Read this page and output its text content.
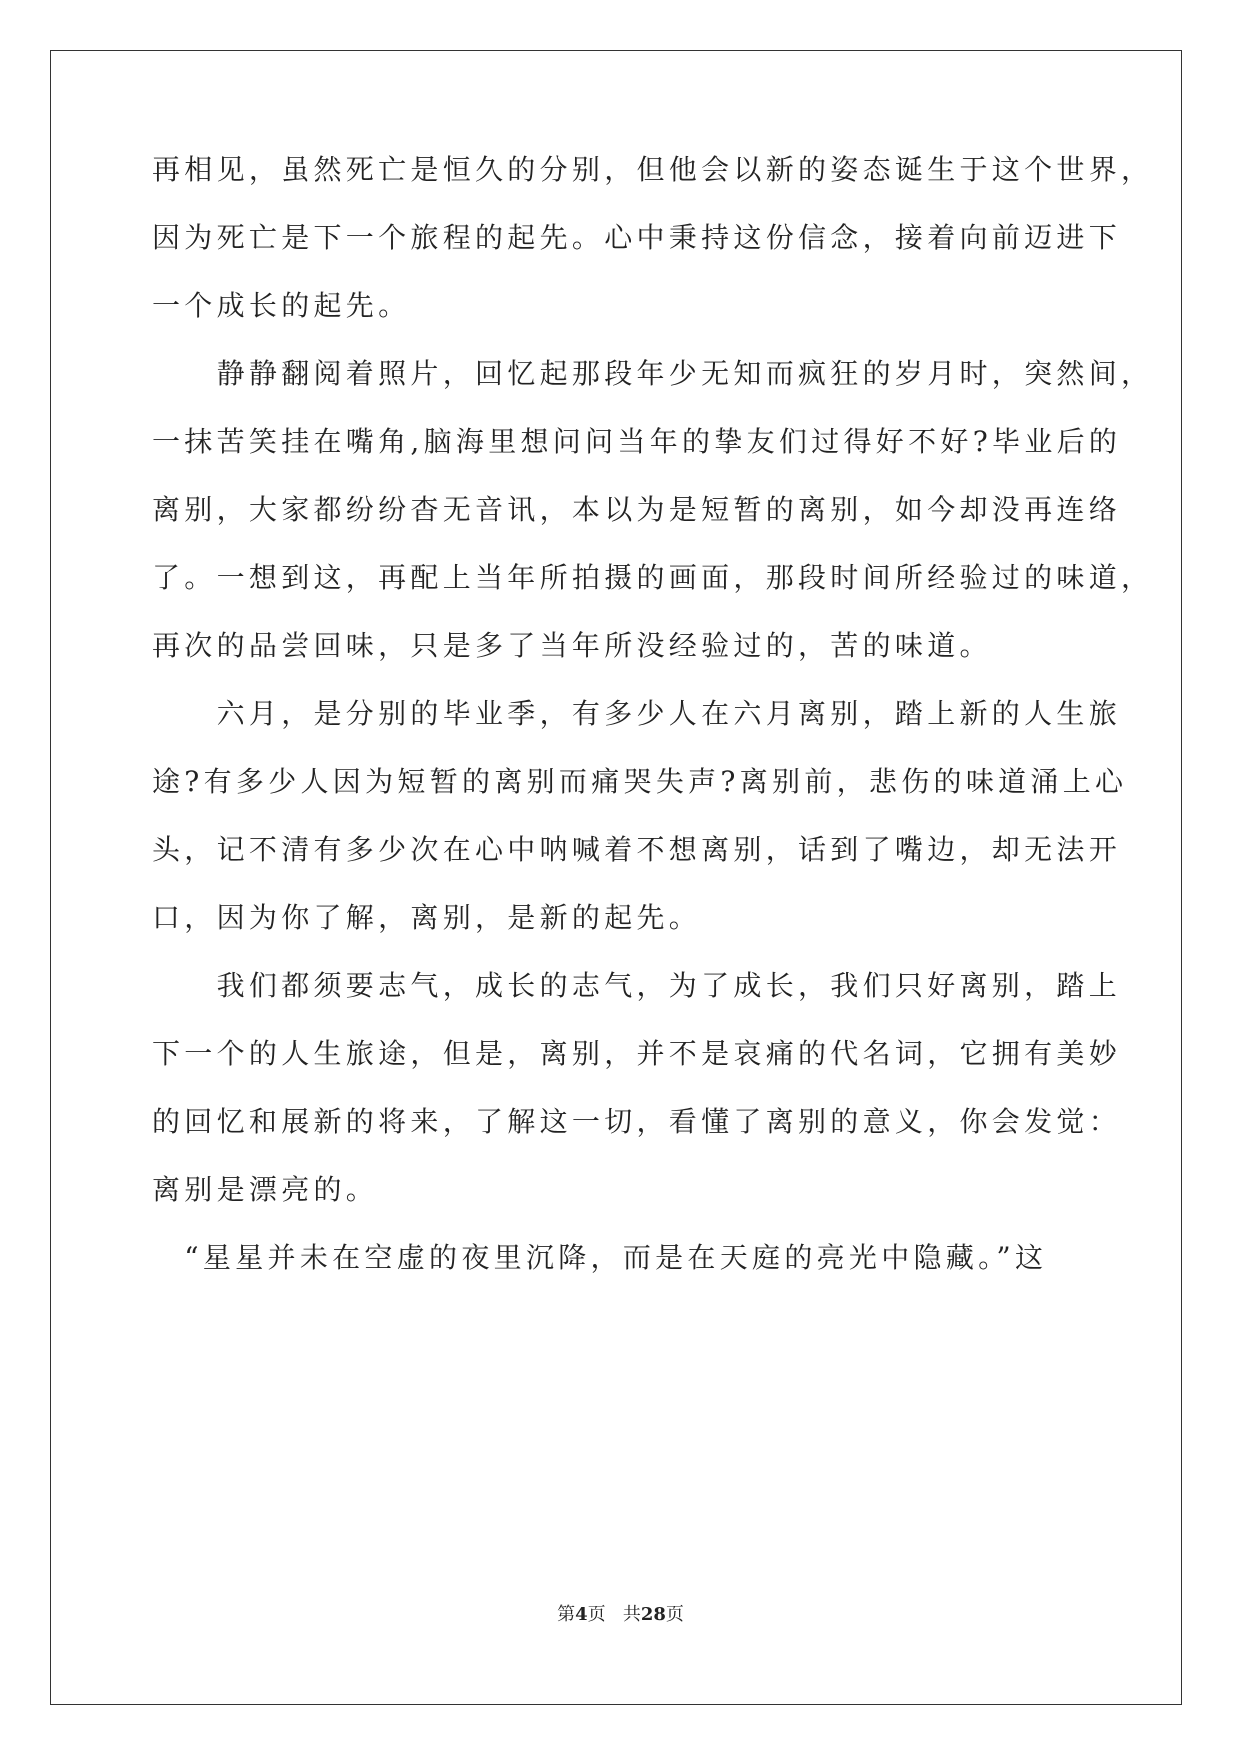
再相见，虽然死亡是恒久的分别，但他会以新的姿态诞生于这个世界，
因为死亡是下一个旅程的起先。心中秉持这份信念，接着向前迈进下
一个成长的起先。
　　静静翻阅着照片，回忆起那段年少无知而疯狂的岁月时，突然间，
一抹苦笑挂在嘴角,脑海里想问问当年的挚友们过得好不好?毕业后的
离别，大家都纷纷杳无音讯，本以为是短暂的离别，如今却没再连络
了。一想到这，再配上当年所拍摄的画面，那段时间所经验过的味道，
再次的品尝回味，只是多了当年所没经验过的，苦的味道。
　　六月，是分别的毕业季，有多少人在六月离别，踏上新的人生旅
途?有多少人因为短暂的离别而痛哭失声?离别前，悲伤的味道涌上心
头，记不清有多少次在心中呐喊着不想离别，话到了嘴边，却无法开
口，因为你了解，离别，是新的起先。
　　我们都须要志气，成长的志气，为了成长，我们只好离别，踏上
下一个的人生旅途，但是，离别，并不是哀痛的代名词，它拥有美妙
的回忆和展新的将来，了解这一切，看懂了离别的意义，你会发觉：
离别是漂亮的。
　“星星并未在空虚的夜里沉降，而是在天庭的亮光中隐藏。”这
第4页 共28页
